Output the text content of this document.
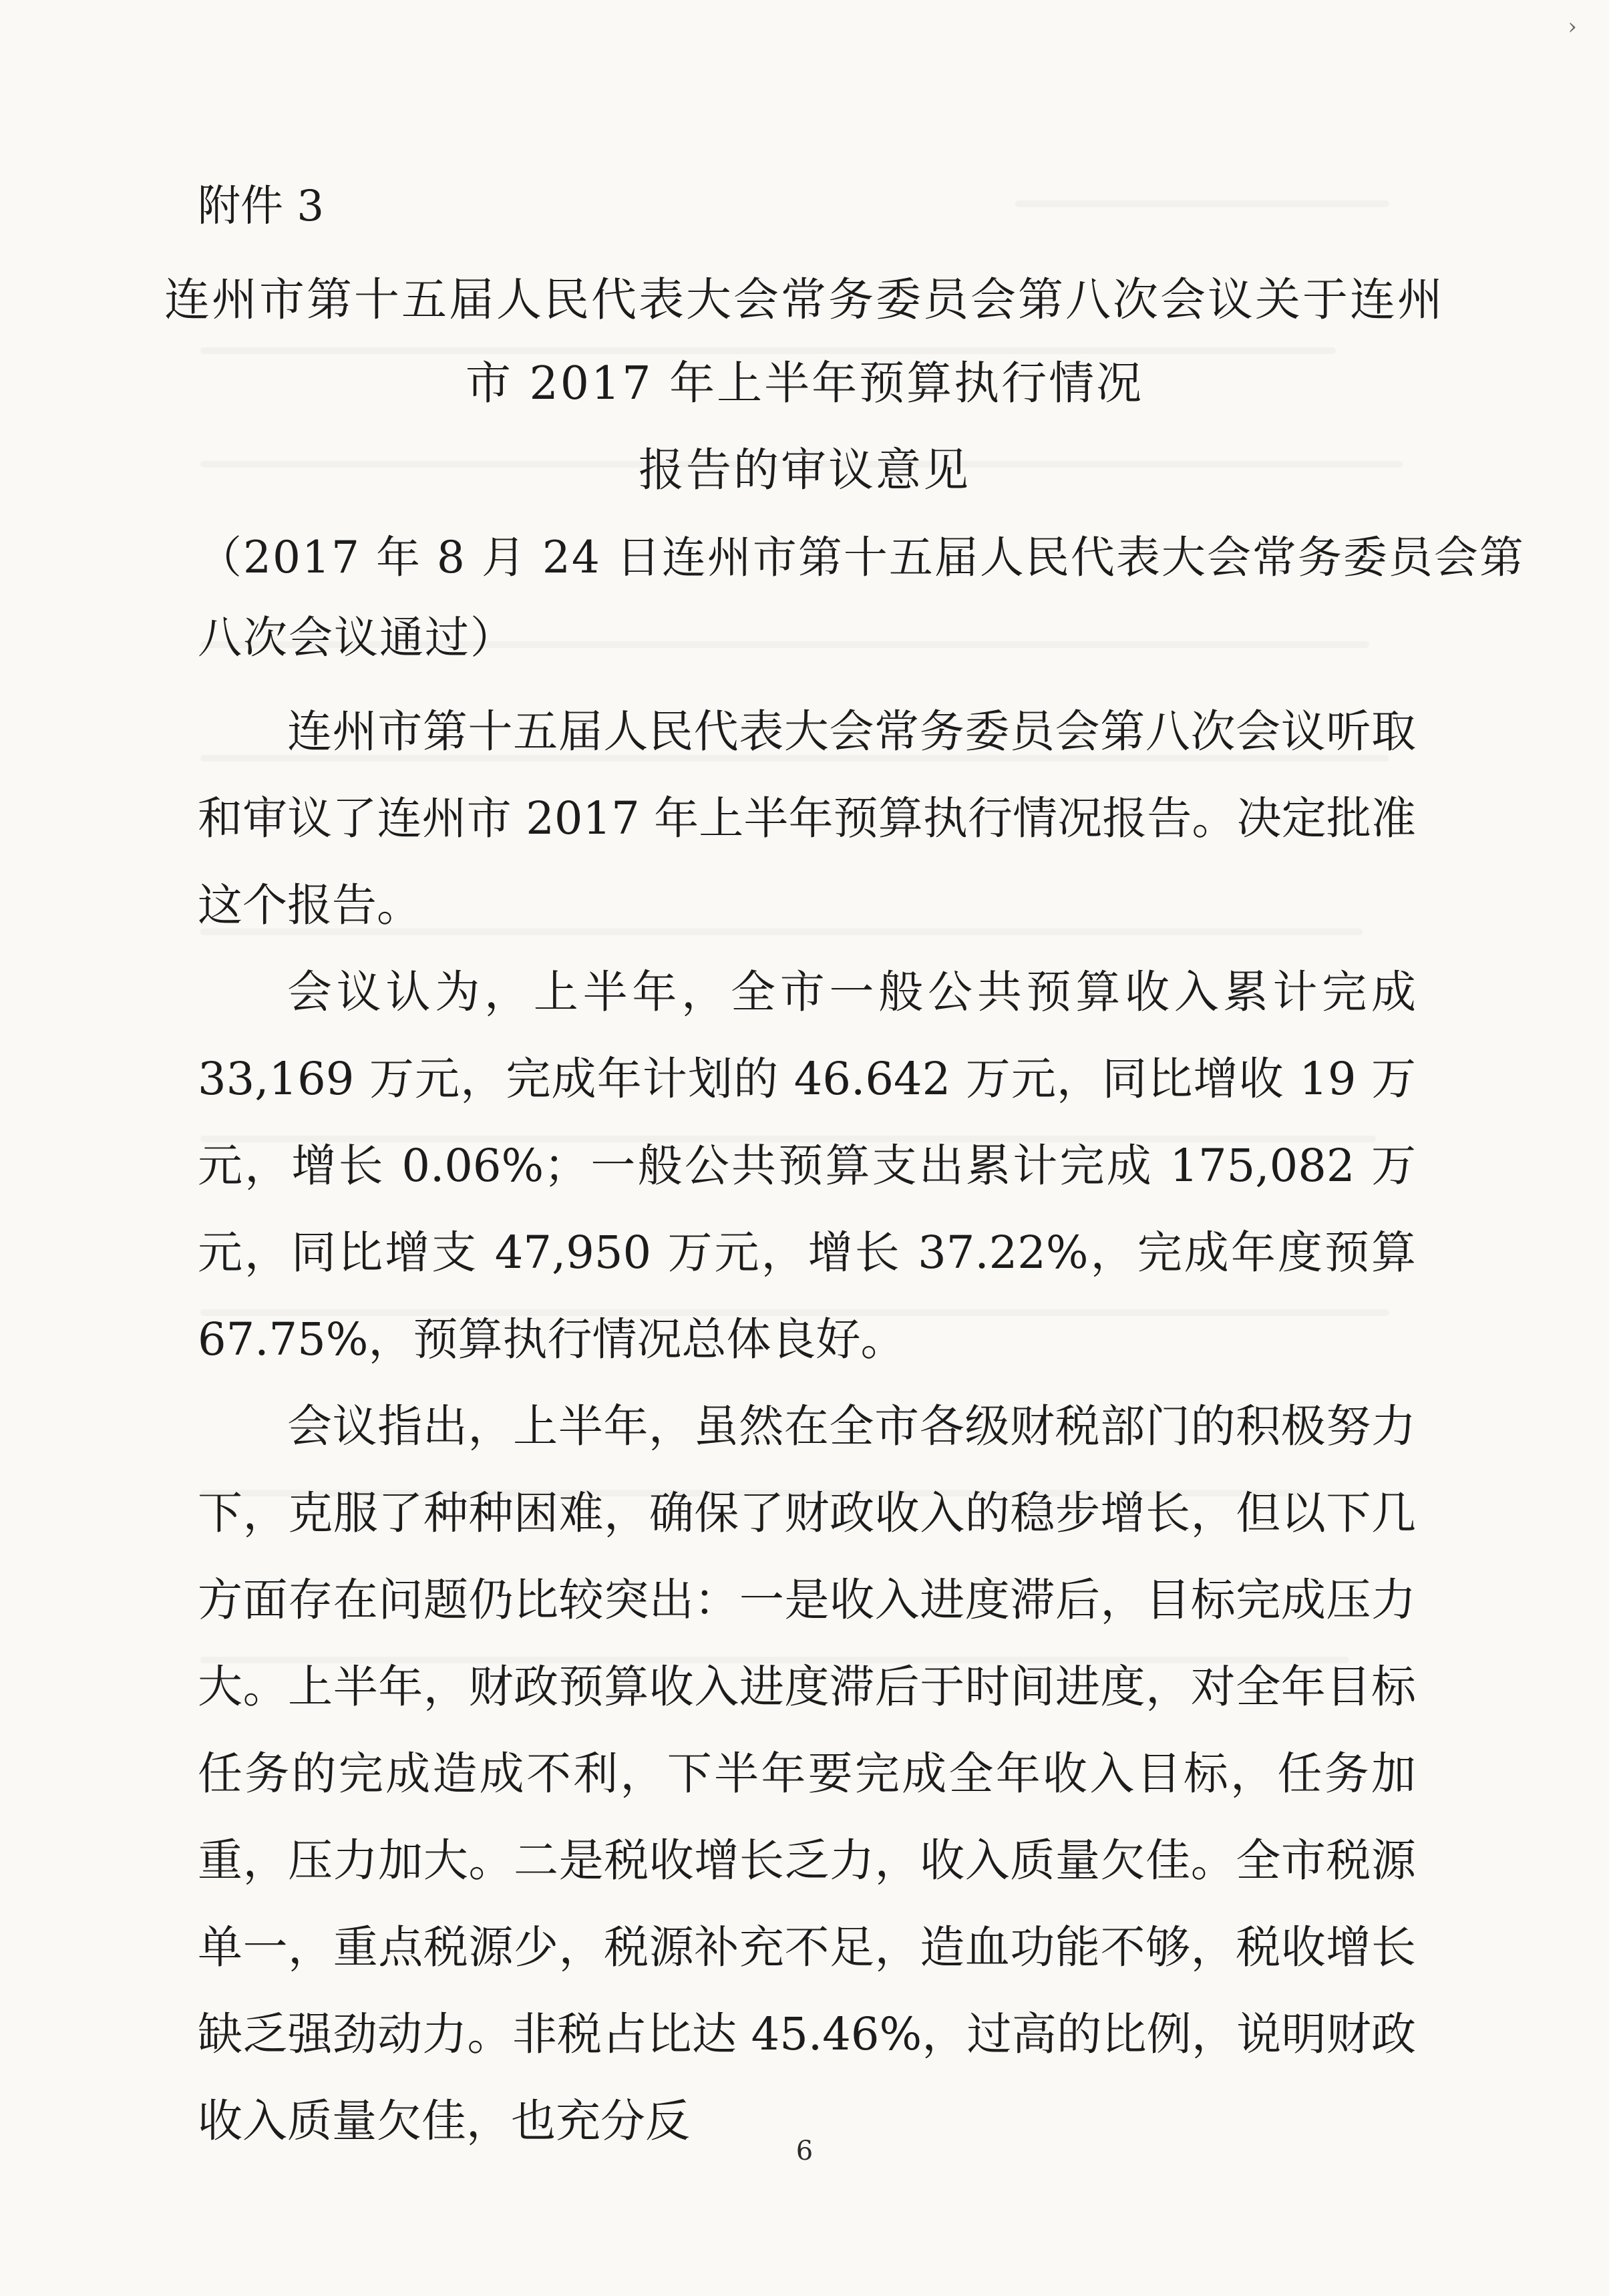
›
附件 3
连州市第十五届人民代表大会常务委员会第八次会议关于连州
市 2017 年上半年预算执行情况
报告的审议意见
（2017 年 8 月 24 日连州市第十五届人民代表大会常务委员会第
八次会议通过）
连州市第十五届人民代表大会常务委员会第八次会议听取和审议了连州市 2017 年上半年预算执行情况报告。决定批准这个报告。
会议认为，上半年，全市一般公共预算收入累计完成 33,169 万元，完成年计划的 46.642 万元，同比增收 19 万元，增长 0.06%；一般公共预算支出累计完成 175,082 万元，同比增支 47,950 万元，增长 37.22%，完成年度预算 67.75%，预算执行情况总体良好。
会议指出，上半年，虽然在全市各级财税部门的积极努力下，克服了种种困难，确保了财政收入的稳步增长，但以下几方面存在问题仍比较突出：一是收入进度滞后，目标完成压力大。上半年，财政预算收入进度滞后于时间进度，对全年目标任务的完成造成不利，下半年要完成全年收入目标，任务加重，压力加大。二是税收增长乏力，收入质量欠佳。全市税源单一，重点税源少，税源补充不足，造血功能不够，税收增长缺乏强劲动力。非税占比达 45.46%，过高的比例，说明财政收入质量欠佳，也充分反
6
